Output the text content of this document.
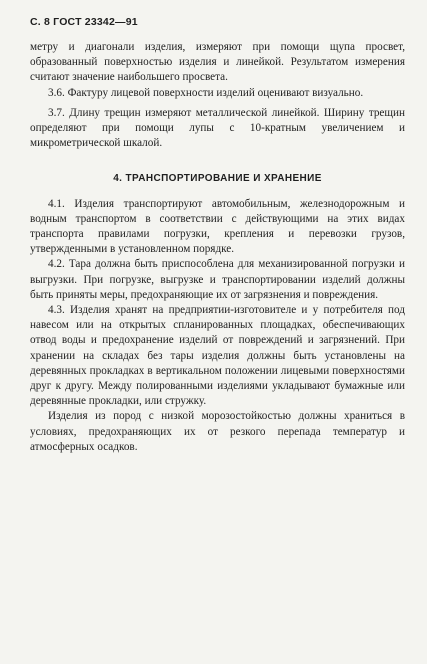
С. 8 ГОСТ 23342—91

метру и диагонали изделия, измеряют при помощи щупа просвет, образованный поверхностью изделия и линейкой. Результатом измерения считают значение наибольшего просвета.

3.6. Фактуру лицевой поверхности изделий оценивают визуально.

3.7. Длину трещин измеряют металлической линейкой. Ширину трещин определяют при помощи лупы с 10-кратным увеличением и микрометрической шкалой.

4. ТРАНСПОРТИРОВАНИЕ И ХРАНЕНИЕ

4.1. Изделия транспортируют автомобильным, железнодорожным и водным транспортом в соответствии с действующими на этих видах транспорта правилами погрузки, крепления и перевозки грузов, утвержденными в установленном порядке.

4.2. Тара должна быть приспособлена для механизированной погрузки и выгрузки. При погрузке, выгрузке и транспортировании изделий должны быть приняты меры, предохраняющие их от загрязнения и повреждения.

4.3. Изделия хранят на предприятии-изготовителе и у потребителя под навесом или на открытых спланированных площадках, обеспечивающих отвод воды и предохранение изделий от повреждений и загрязнений. При хранении на складах без тары изделия должны быть установлены на деревянных прокладках в вертикальном положении лицевыми поверхностями друг к другу. Между полированными изделиями укладывают бумажные или деревянные прокладки, или стружку.

Изделия из пород с низкой морозостойкостью должны храниться в условиях, предохраняющих их от резкого перепада температур и атмосферных осадков.
